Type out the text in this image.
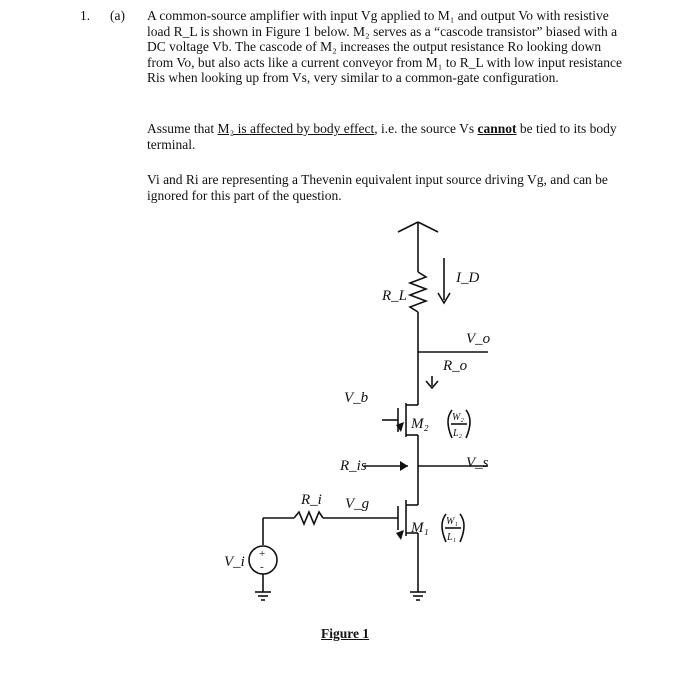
1. (a) A common-source amplifier with input Vg applied to M₁ and output Vo with resistive load R_L is shown in Figure 1 below. M₂ serves as a “cascode transistor” biased with a DC voltage Vb. The cascode of M₂ increases the output resistance Ro looking down from Vo, but also acts like a current conveyor from M₁ to R_L with low input resistance Ris when looking up from Vs, very similar to a common-gate configuration.

Assume that M₂ is affected by body effect, i.e. the source Vs cannot be tied to its body terminal.

Vi and Ri are representing a Thevenin equivalent input source driving Vg, and can be ignored for this part of the question.

R_L
I_D
V_o
R_o
V_b
M₂ W₂
L₂
R_is	V_s
R_i V_g
M₁ W₁
L₁
V_i +
-
Figure 1
